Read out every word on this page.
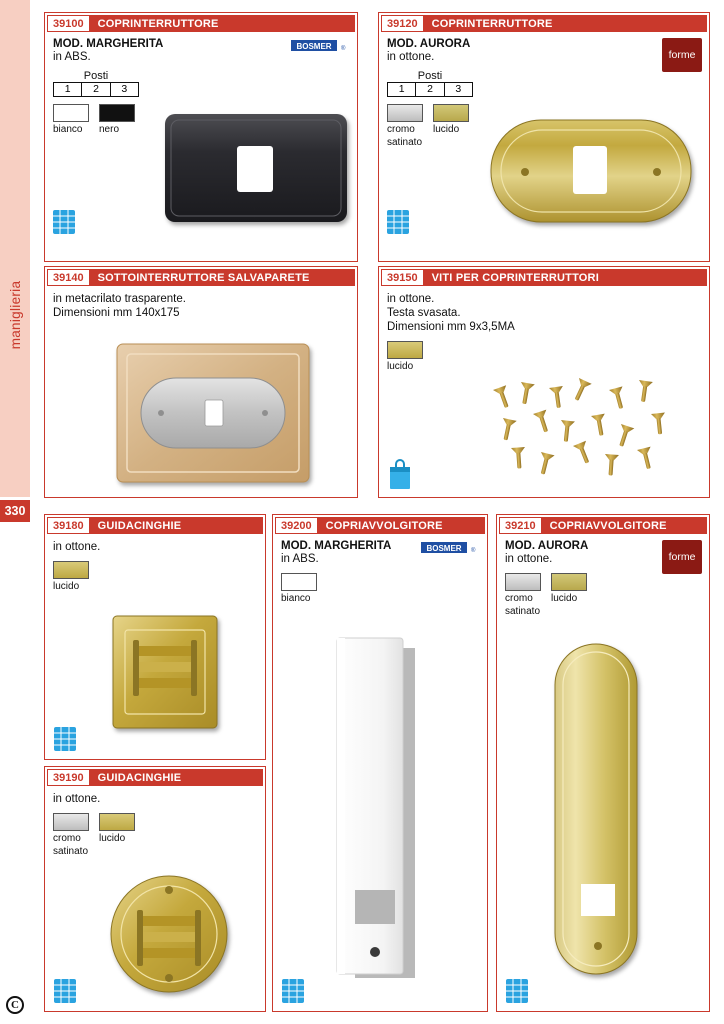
maniglieria
330
C
39100	COPRINTERRUTTORE
MOD. MARGHERITA
in ABS.
Posti
1	2	3
bianco	nero
BOSMER ®
39120	COPRINTERRUTTORE
MOD. AURORA
in ottone.
Posti
1	2	3
cromo
satinato
lucido
forme
39140	SOTTOINTERRUTTORE SALVAPARETE
in metacrilato trasparente.
Dimensioni mm 140x175
39150	VITI PER COPRINTERRUTTORI
in ottone.
Testa svasata.
Dimensioni mm 9x3,5MA
lucido
39180	GUIDACINGHIE
in ottone.
lucido
39190	GUIDACINGHIE
in ottone.
cromo
satinato
lucido
39200	COPRIAVVOLGITORE
MOD. MARGHERITA
in ABS.
bianco
BOSMER ®
39210	COPRIAVVOLGITORE
MOD. AURORA
in ottone.
cromo
satinato
lucido
forme
